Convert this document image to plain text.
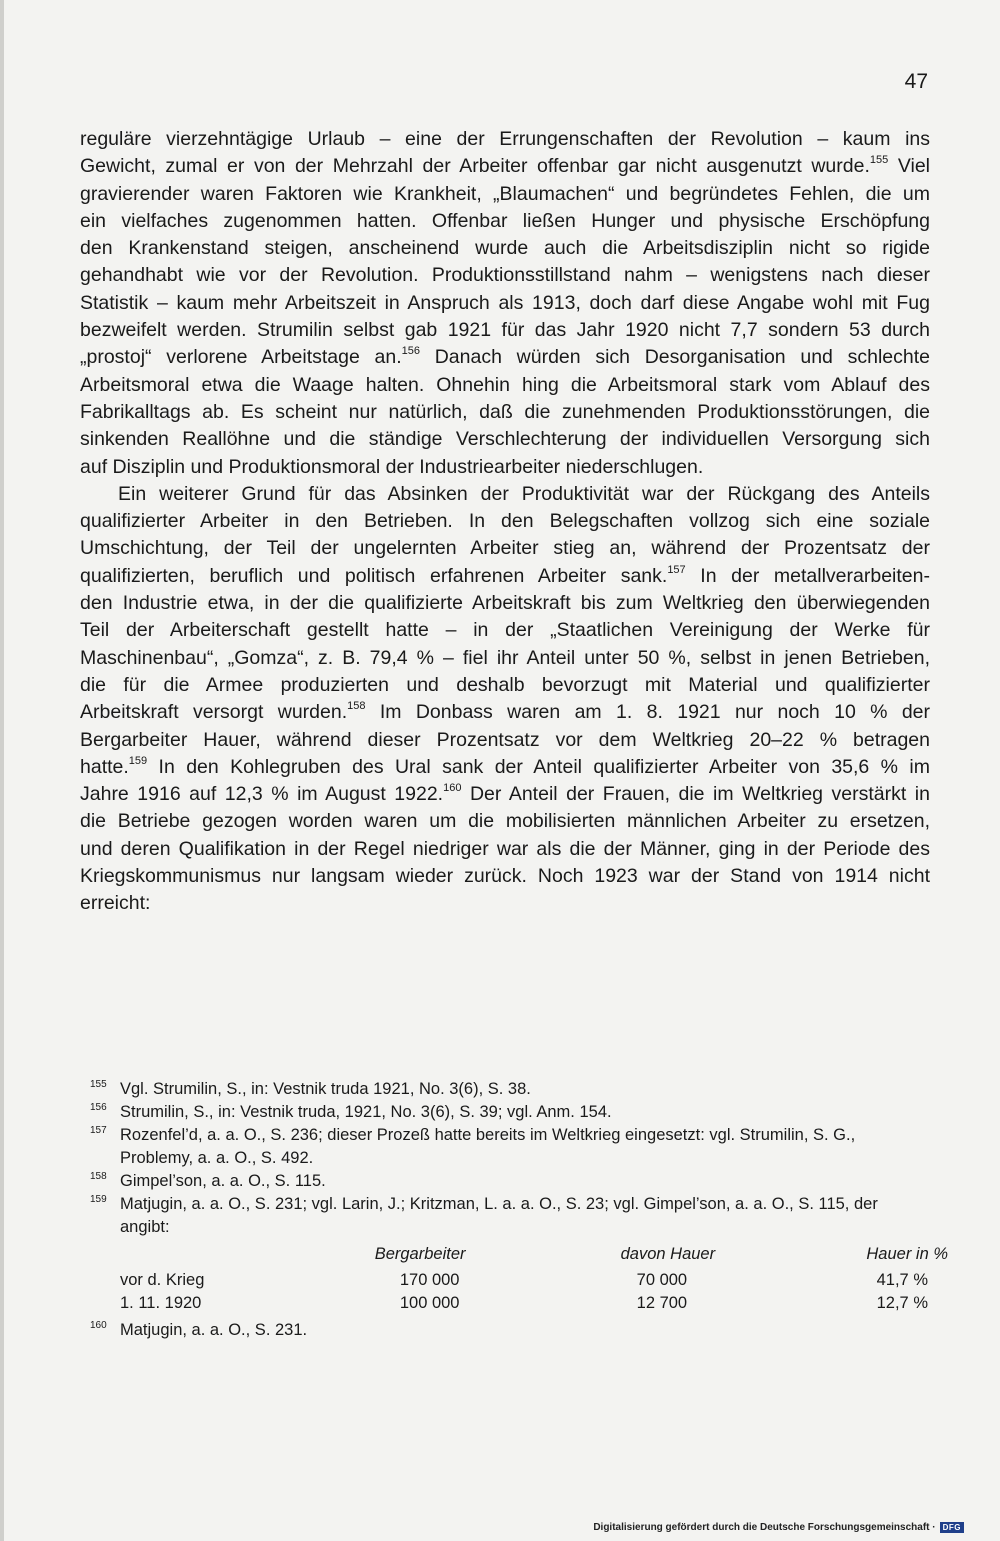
47
reguläre vierzehntägige Urlaub – eine der Errungenschaften der Revolution – kaum ins
Gewicht, zumal er von der Mehrzahl der Arbeiter offenbar gar nicht ausgenutzt wurde.$^{155}$ Viel
gravierender waren Faktoren wie Krankheit, „Blaumachen“ und begründetes Fehlen, die um
ein vielfaches zugenommen hatten. Offenbar ließen Hunger und physische Erschöpfung
den Krankenstand steigen, anscheinend wurde auch die Arbeitsdisziplin nicht so rigide
gehandhabt wie vor der Revolution. Produktionsstillstand nahm – wenigstens nach dieser
Statistik – kaum mehr Arbeitszeit in Anspruch als 1913, doch darf diese Angabe wohl mit Fug
bezweifelt werden. Strumilin selbst gab 1921 für das Jahr 1920 nicht 7,7 sondern 53 durch
„prostoj“ verlorene Arbeitstage an.$^{156}$ Danach würden sich Desorganisation und schlechte
Arbeitsmoral etwa die Waage halten. Ohnehin hing die Arbeitsmoral stark vom Ablauf des
Fabrikalltags ab. Es scheint nur natürlich, daß die zunehmenden Produktionsstörungen, die
sinkenden Reallöhne und die ständige Verschlechterung der individuellen Versorgung sich
auf Disziplin und Produktionsmoral der Industriearbeiter niederschlugen.
Ein weiterer Grund für das Absinken der Produktivität war der Rückgang des Anteils
qualifizierter Arbeiter in den Betrieben. In den Belegschaften vollzog sich eine soziale
Umschichtung, der Teil der ungelernten Arbeiter stieg an, während der Prozentsatz der
qualifizierten, beruflich und politisch erfahrenen Arbeiter sank.$^{157}$ In der metallverarbeiten-
den Industrie etwa, in der die qualifizierte Arbeitskraft bis zum Weltkrieg den überwiegenden
Teil der Arbeiterschaft gestellt hatte – in der „Staatlichen Vereinigung der Werke für
Maschinenbau“, „Gomza“, z. B. 79,4 % – fiel ihr Anteil unter 50 %, selbst in jenen Betrieben,
die für die Armee produzierten und deshalb bevorzugt mit Material und qualifizierter
Arbeitskraft versorgt wurden.$^{158}$ Im Donbass waren am 1. 8. 1921 nur noch 10 % der
Bergarbeiter Hauer, während dieser Prozentsatz vor dem Weltkrieg 20–22 % betragen
hatte.$^{159}$ In den Kohlegruben des Ural sank der Anteil qualifizierter Arbeiter von 35,6 % im
Jahre 1916 auf 12,3 % im August 1922.$^{160}$ Der Anteil der Frauen, die im Weltkrieg verstärkt in
die Betriebe gezogen worden waren um die mobilisierten männlichen Arbeiter zu ersetzen,
und deren Qualifikation in der Regel niedriger war als die der Männer, ging in der Periode des
Kriegskommunismus nur langsam wieder zurück. Noch 1923 war der Stand von 1914 nicht
erreicht:
155 Vgl. Strumilin, S., in: Vestnik truda 1921, No. 3(6), S. 38.
156 Strumilin, S., in: Vestnik truda, 1921, No. 3(6), S. 39; vgl. Anm. 154.
157 Rozenfel’d, a. a. O., S. 236; dieser Prozeß hatte bereits im Weltkrieg eingesetzt: vgl. Strumilin, S. G.,
Problemy, a. a. O., S. 492.
158 Gimpel’son, a. a. O., S. 115.
159 Matjugin, a. a. O., S. 231; vgl. Larin, J.; Kritzman, L. a. a. O., S. 23; vgl. Gimpel’son, a. a. O., S. 115, der
angibt:
	Bergarbeiter	davon Hauer	Hauer in %
vor d. Krieg	170 000	70 000	41,7 %
1. 11. 1920	100 000	12 700	12,7 %
160 Matjugin, a. a. O., S. 231.
Digitalisierung gefördert durch die Deutsche Forschungsgemeinschaft · DFG
